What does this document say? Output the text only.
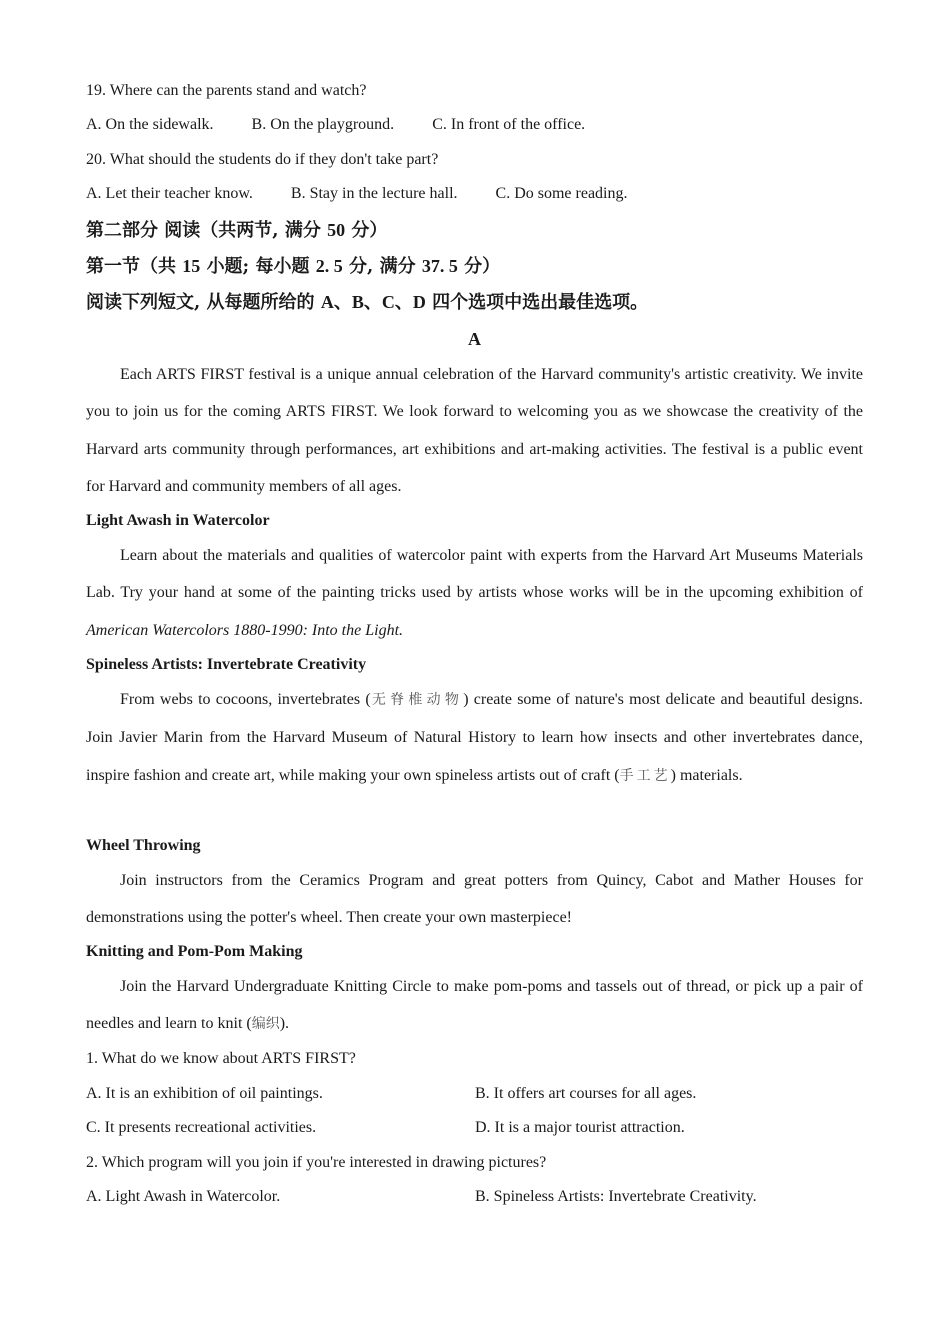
19. Where can the parents stand and watch?
A. On the sidewalk. B. On the playground. C. In front of the office.
20. What should the students do if they don't take part?
A. Let their teacher know. B. Stay in the lecture hall. C. Do some reading.
第二部分 阅读（共两节, 满分 50 分）
第一节（共 15 小题; 每小题 2. 5 分, 满分 37. 5 分）
阅读下列短文, 从每题所给的 A、B、C、D 四个选项中选出最佳选项。
A

Each ARTS FIRST festival is a unique annual celebration of the Harvard community's artistic creativity. We invite you to join us for the coming ARTS FIRST. We look forward to welcoming you as we showcase the creativity of the Harvard arts community through performances, art exhibitions and art-making activities. The festival is a public event for Harvard and community members of all ages.

Light Awash in Watercolor

Learn about the materials and qualities of watercolor paint with experts from the Harvard Art Museums Materials Lab. Try your hand at some of the painting tricks used by artists whose works will be in the upcoming exhibition of American Watercolors 1880-1990: Into the Light.

Spineless Artists: Invertebrate Creativity

From webs to cocoons, invertebrates (无脊椎动物) create some of nature's most delicate and beautiful designs. Join Javier Marin from the Harvard Museum of Natural History to learn how insects and other invertebrates dance, inspire fashion and create art, while making your own spineless artists out of craft (手工艺) materials.

Wheel Throwing

Join instructors from the Ceramics Program and great potters from Quincy, Cabot and Mather Houses for demonstrations using the potter's wheel. Then create your own masterpiece!

Knitting and Pom-Pom Making

Join the Harvard Undergraduate Knitting Circle to make pom-poms and tassels out of thread, or pick up a pair of needles and learn to knit (编织).

1. What do we know about ARTS FIRST?
A. It is an exhibition of oil paintings.	B. It offers art courses for all ages.
C. It presents recreational activities.	D. It is a major tourist attraction.
2. Which program will you join if you're interested in drawing pictures?
A. Light Awash in Watercolor.	B. Spineless Artists: Invertebrate Creativity.
